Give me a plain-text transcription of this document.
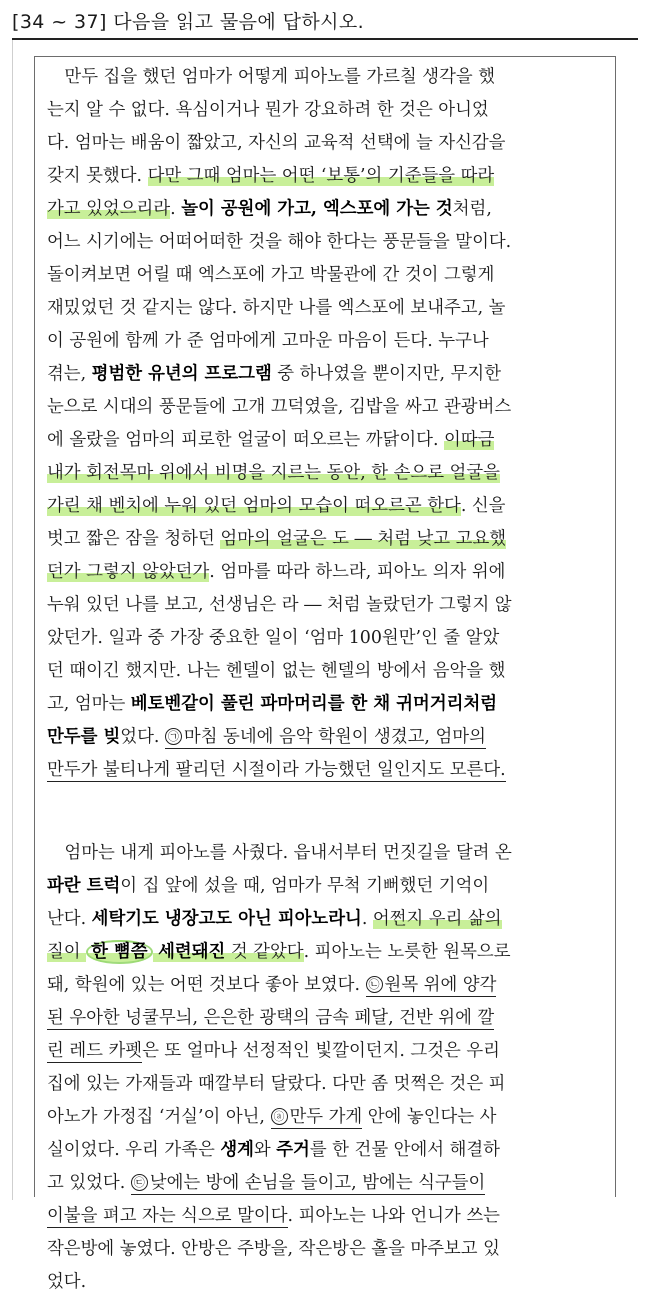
[34 ~ 37] 다음을 읽고 물음에 답하시오.
 만두 집을 했던 엄마가 어떻게 피아노를 가르칠 생각을 했
는지 알 수 없다. 욕심이거나 뭔가 강요하려 한 것은 아니었
다. 엄마는 배움이 짧았고, 자신의 교육적 선택에 늘 자신감을
갖지 못했다. 다만 그때 엄마는 어떤 ‘보통’의 기준들을 따라
가고 있었으리라. 놀이 공원에 가고, 엑스포에 가는 것처럼,
어느 시기에는 어떠어떠한 것을 해야 한다는 풍문들을 말이다.
돌이켜보면 어릴 때 엑스포에 가고 박물관에 간 것이 그렇게
재밌었던 것 같지는 않다. 하지만 나를 엑스포에 보내주고, 놀
이 공원에 함께 가 준 엄마에게 고마운 마음이 든다. 누구나
겪는, 평범한 유년의 프로그램 중 하나였을 뿐이지만, 무지한
눈으로 시대의 풍문들에 고개 끄덕였을, 김밥을 싸고 관광버스
에 올랐을 엄마의 피로한 얼굴이 떠오르는 까닭이다. 이따금
내가 회전목마 위에서 비명을 지르는 동안, 한 손으로 얼굴을
가린 채 벤치에 누워 있던 엄마의 모습이 떠오르곤 한다. 신을
벗고 짧은 잠을 청하던 엄마의 얼굴은 도 ― 처럼 낮고 고요했
던가 그렇지 않았던가. 엄마를 따라 하느라, 피아노 의자 위에
누워 있던 나를 보고, 선생님은 라 ― 처럼 놀랐던가 그렇지 않
았던가. 일과 중 가장 중요한 일이 ‘엄마 100원만’인 줄 알았
던 때이긴 했지만. 나는 헨델이 없는 헨델의 방에서 음악을 했
고, 엄마는 베토벤같이 풀린 파마머리를 한 채 귀머거리처럼
만두를 빚었다. ㉠ 마침 동네에 음악 학원이 생겼고, 엄마의
만두가 불티나게 팔리던 시절이라 가능했던 일인지도 모른다.
 엄마는 내게 피아노를 사줬다. 읍내서부터 먼짓길을 달려 온
파란 트럭이 집 앞에 섰을 때, 엄마가 무척 기뻐했던 기억이
난다. 세탁기도 냉장고도 아닌 피아노라니. 어쩐지 우리 삶의
질이 한 뼘쯤 세련돼진 것 같았다. 피아노는 노릇한 원목으로
돼, 학원에 있는 어떤 것보다 좋아 보였다. ㉡ 원목 위에 양각
된 우아한 넝쿨무늬, 은은한 광택의 금속 페달, 건반 위에 깔
린 레드 카펫은 또 얼마나 선정적인 빛깔이던지. 그것은 우리
집에 있는 가재들과 때깔부터 달랐다. 다만 좀 멋쩍은 것은 피
아노가 가정집 ‘거실’이 아닌, ⓐ 만두 가게 안에 놓인다는 사
실이었다. 우리 가족은 생계와 주거를 한 건물 안에서 해결하
고 있었다. ㉢ 낮에는 방에 손님을 들이고, 밤에는 식구들이
이불을 펴고 자는 식으로 말이다. 피아노는 나와 언니가 쓰는
작은방에 놓였다. 안방은 주방을, 작은방은 홀을 마주보고 있
었다.
